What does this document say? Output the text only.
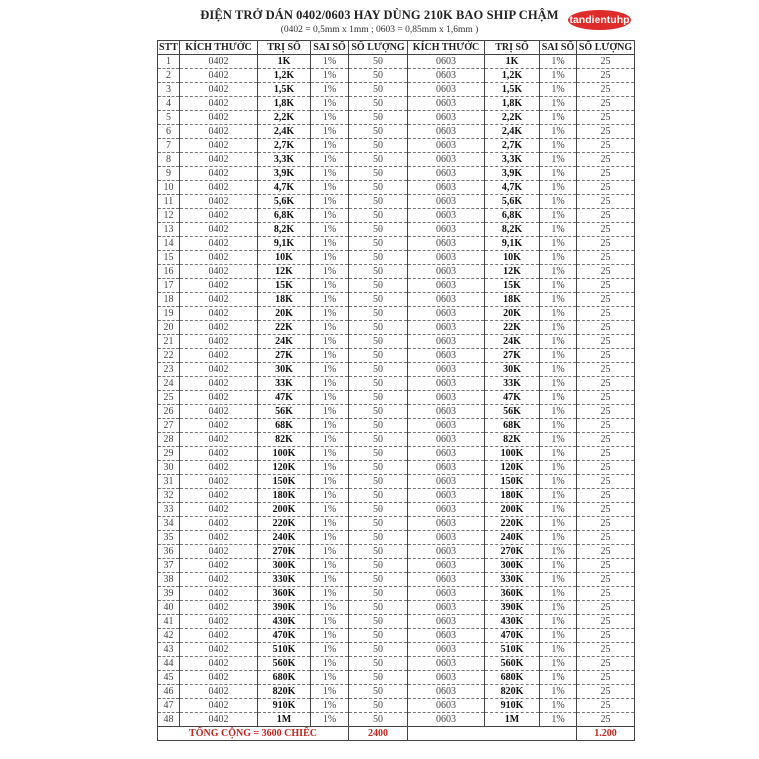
ĐIỆN TRỞ DÁN 0402/0603 HAY DÙNG 210K BAO SHIP CHẬM
(0402 = 0,5mm x 1mm ; 0603 = 0,85mm x 1,6mm )
tandientuhp
STT	KÍCH THƯỚC	TRỊ SỐ	SAI SỐ	SỐ LƯỢNG	KÍCH THƯỚC	TRỊ SỐ	SAI SỐ	SỐ LƯỢNG
1	0402	1K	1%	50	0603	1K	1%	25
2	0402	1,2K	1%	50	0603	1,2K	1%	25
3	0402	1,5K	1%	50	0603	1,5K	1%	25
4	0402	1,8K	1%	50	0603	1,8K	1%	25
5	0402	2,2K	1%	50	0603	2,2K	1%	25
6	0402	2,4K	1%	50	0603	2,4K	1%	25
7	0402	2,7K	1%	50	0603	2,7K	1%	25
8	0402	3,3K	1%	50	0603	3,3K	1%	25
9	0402	3,9K	1%	50	0603	3,9K	1%	25
10	0402	4,7K	1%	50	0603	4,7K	1%	25
11	0402	5,6K	1%	50	0603	5,6K	1%	25
12	0402	6,8K	1%	50	0603	6,8K	1%	25
13	0402	8,2K	1%	50	0603	8,2K	1%	25
14	0402	9,1K	1%	50	0603	9,1K	1%	25
15	0402	10K	1%	50	0603	10K	1%	25
16	0402	12K	1%	50	0603	12K	1%	25
17	0402	15K	1%	50	0603	15K	1%	25
18	0402	18K	1%	50	0603	18K	1%	25
19	0402	20K	1%	50	0603	20K	1%	25
20	0402	22K	1%	50	0603	22K	1%	25
21	0402	24K	1%	50	0603	24K	1%	25
22	0402	27K	1%	50	0603	27K	1%	25
23	0402	30K	1%	50	0603	30K	1%	25
24	0402	33K	1%	50	0603	33K	1%	25
25	0402	47K	1%	50	0603	47K	1%	25
26	0402	56K	1%	50	0603	56K	1%	25
27	0402	68K	1%	50	0603	68K	1%	25
28	0402	82K	1%	50	0603	82K	1%	25
29	0402	100K	1%	50	0603	100K	1%	25
30	0402	120K	1%	50	0603	120K	1%	25
31	0402	150K	1%	50	0603	150K	1%	25
32	0402	180K	1%	50	0603	180K	1%	25
33	0402	200K	1%	50	0603	200K	1%	25
34	0402	220K	1%	50	0603	220K	1%	25
35	0402	240K	1%	50	0603	240K	1%	25
36	0402	270K	1%	50	0603	270K	1%	25
37	0402	300K	1%	50	0603	300K	1%	25
38	0402	330K	1%	50	0603	330K	1%	25
39	0402	360K	1%	50	0603	360K	1%	25
40	0402	390K	1%	50	0603	390K	1%	25
41	0402	430K	1%	50	0603	430K	1%	25
42	0402	470K	1%	50	0603	470K	1%	25
43	0402	510K	1%	50	0603	510K	1%	25
44	0402	560K	1%	50	0603	560K	1%	25
45	0402	680K	1%	50	0603	680K	1%	25
46	0402	820K	1%	50	0603	820K	1%	25
47	0402	910K	1%	50	0603	910K	1%	25
48	0402	1M	1%	50	0603	1M	1%	25
TỔNG CỘNG = 3600 CHIẾC				2400				1.200
